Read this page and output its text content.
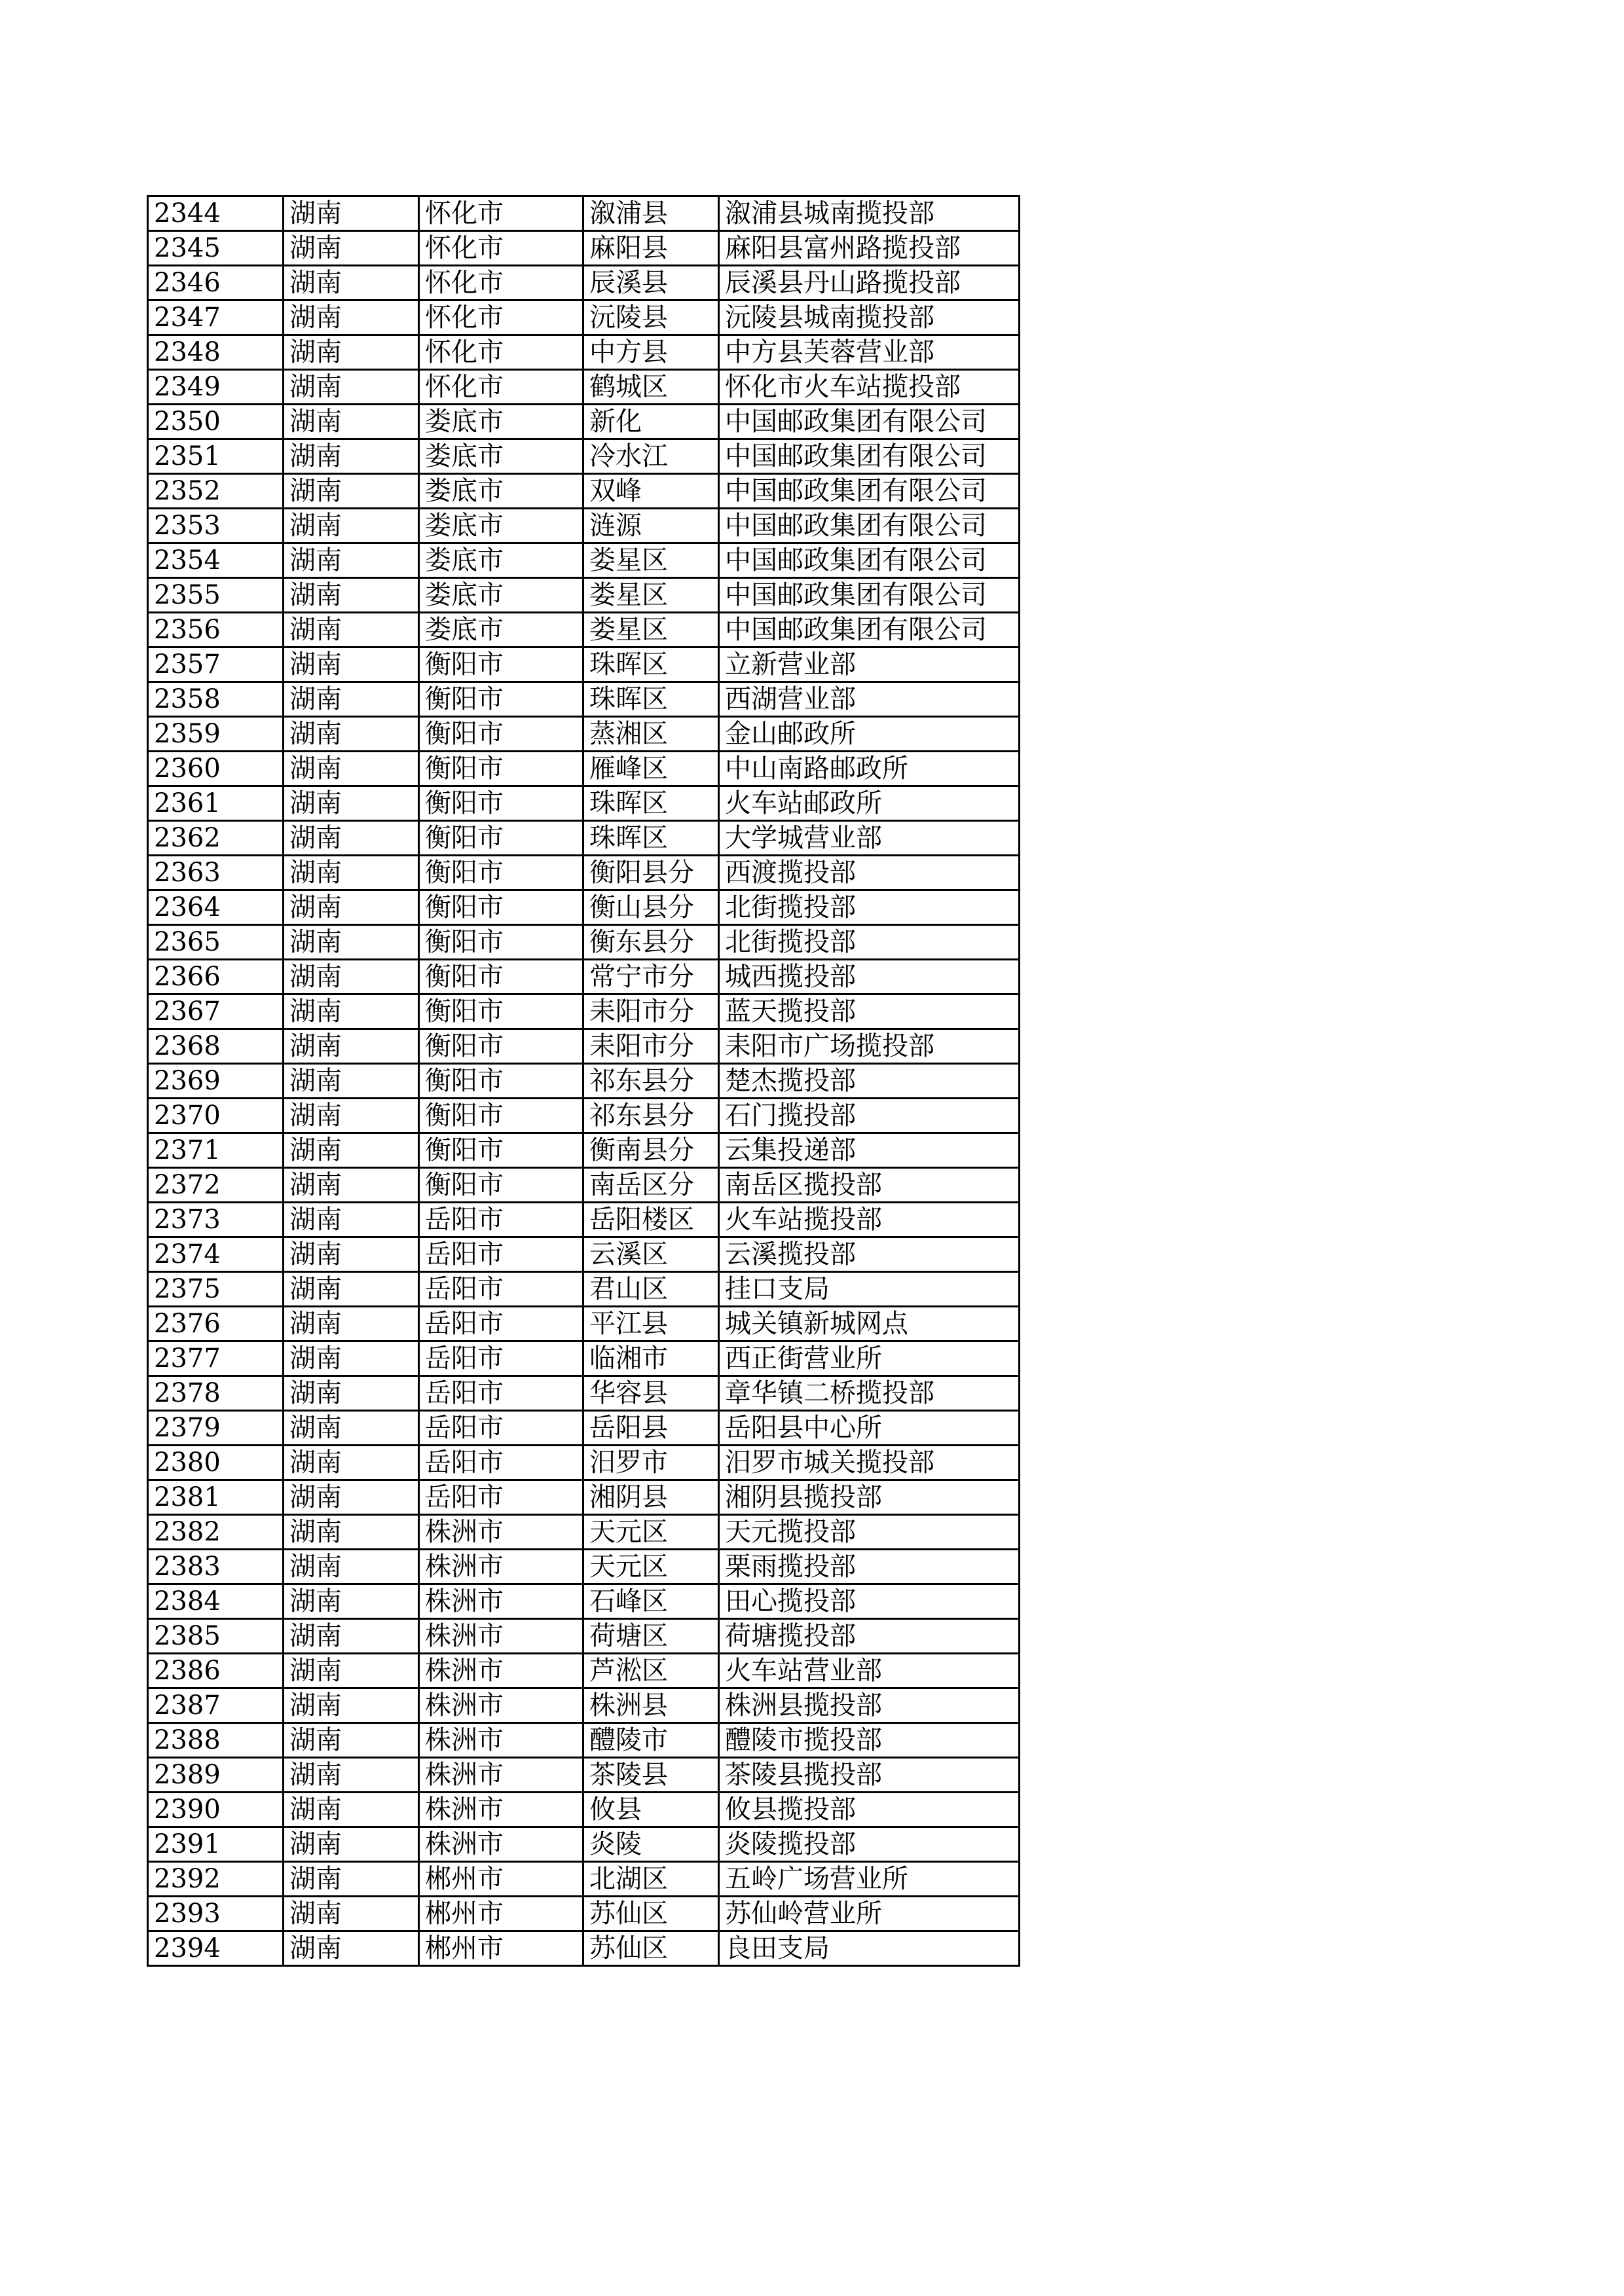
2344	湖南	怀化市	溆浦县	溆浦县城南揽投部
2345	湖南	怀化市	麻阳县	麻阳县富州路揽投部
2346	湖南	怀化市	辰溪县	辰溪县丹山路揽投部
2347	湖南	怀化市	沅陵县	沅陵县城南揽投部
2348	湖南	怀化市	中方县	中方县芙蓉营业部
2349	湖南	怀化市	鹤城区	怀化市火车站揽投部
2350	湖南	娄底市	新化	中国邮政集团有限公司
2351	湖南	娄底市	冷水江	中国邮政集团有限公司
2352	湖南	娄底市	双峰	中国邮政集团有限公司
2353	湖南	娄底市	涟源	中国邮政集团有限公司
2354	湖南	娄底市	娄星区	中国邮政集团有限公司
2355	湖南	娄底市	娄星区	中国邮政集团有限公司
2356	湖南	娄底市	娄星区	中国邮政集团有限公司
2357	湖南	衡阳市	珠晖区	立新营业部
2358	湖南	衡阳市	珠晖区	西湖营业部
2359	湖南	衡阳市	蒸湘区	金山邮政所
2360	湖南	衡阳市	雁峰区	中山南路邮政所
2361	湖南	衡阳市	珠晖区	火车站邮政所
2362	湖南	衡阳市	珠晖区	大学城营业部
2363	湖南	衡阳市	衡阳县分	西渡揽投部
2364	湖南	衡阳市	衡山县分	北街揽投部
2365	湖南	衡阳市	衡东县分	北街揽投部
2366	湖南	衡阳市	常宁市分	城西揽投部
2367	湖南	衡阳市	耒阳市分	蓝天揽投部
2368	湖南	衡阳市	耒阳市分	耒阳市广场揽投部
2369	湖南	衡阳市	祁东县分	楚杰揽投部
2370	湖南	衡阳市	祁东县分	石门揽投部
2371	湖南	衡阳市	衡南县分	云集投递部
2372	湖南	衡阳市	南岳区分	南岳区揽投部
2373	湖南	岳阳市	岳阳楼区	火车站揽投部
2374	湖南	岳阳市	云溪区	云溪揽投部
2375	湖南	岳阳市	君山区	挂口支局
2376	湖南	岳阳市	平江县	城关镇新城网点
2377	湖南	岳阳市	临湘市	西正街营业所
2378	湖南	岳阳市	华容县	章华镇二桥揽投部
2379	湖南	岳阳市	岳阳县	岳阳县中心所
2380	湖南	岳阳市	汨罗市	汨罗市城关揽投部
2381	湖南	岳阳市	湘阴县	湘阴县揽投部
2382	湖南	株洲市	天元区	天元揽投部
2383	湖南	株洲市	天元区	栗雨揽投部
2384	湖南	株洲市	石峰区	田心揽投部
2385	湖南	株洲市	荷塘区	荷塘揽投部
2386	湖南	株洲市	芦淞区	火车站营业部
2387	湖南	株洲市	株洲县	株洲县揽投部
2388	湖南	株洲市	醴陵市	醴陵市揽投部
2389	湖南	株洲市	茶陵县	茶陵县揽投部
2390	湖南	株洲市	攸县	攸县揽投部
2391	湖南	株洲市	炎陵	炎陵揽投部
2392	湖南	郴州市	北湖区	五岭广场营业所
2393	湖南	郴州市	苏仙区	苏仙岭营业所
2394	湖南	郴州市	苏仙区	良田支局
